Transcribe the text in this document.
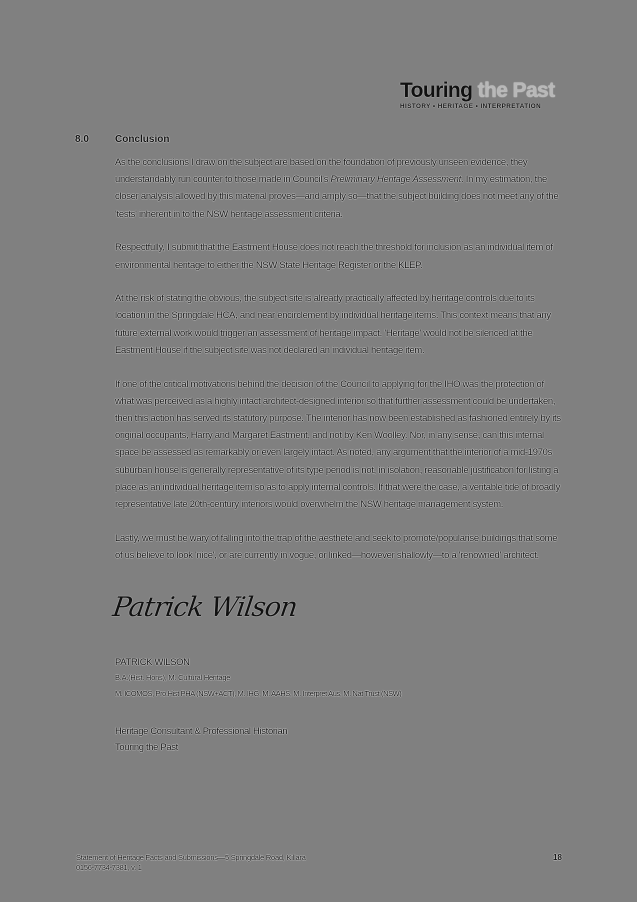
Touring the Past
HISTORY • HERITAGE • INTERPRETATION
8.0	Conclusion

As the conclusions I draw on the subject are based on the foundation of previously unseen evidence, they understandably run counter to those made in Council's Preliminary Heritage Assessment. In my estimation, the closer analysis allowed by this material proves—and amply so—that the subject building does not meet any of the 'tests' inherent in to the NSW heritage assessment criteria.

Respectfully, I submit that the Eastment House does not reach the threshold for inclusion as an individual item of environmental heritage to either the NSW State Heritage Register or the KLEP.

At the risk of stating the obvious, the subject site is already practically affected by heritage controls due to its location in the Springdale HCA, and near encirclement by individual heritage items. This context means that any future external work would trigger an assessment of heritage impact. 'Heritage' would not be silenced at the Eastment House if the subject site was not declared an individual heritage item.

If one of the critical motivations behind the decision of the Council to applying for the IHO was the protection of what was perceived as a highly intact architect-designed interior so that further assessment could be undertaken, then this action has served its statutory purpose. The interior has now been established as fashioned entirely by its original occupants, Harry and Margaret Eastment, and not by Ken Woolley. Nor, in any sense, can this internal space be assessed as remarkably or even largely intact. As noted, any argument that the interior of a mid-1970s suburban house is generally representative of its type period is not, in isolation, reasonable justification for listing a place as an individual heritage item so as to apply internal controls. If that were the case, a veritable tide of broadly representative late 20th-century interiors would overwhelm the NSW heritage management system.

Lastly, we must be wary of falling into the trap of the aesthete and seek to promote/popularise buildings that some of us believe to look 'nice', or are currently in vogue, or linked—however shallowly—to a 'renowned' architect.

Patrick Wilson
PATRICK WILSON
B.A.(Hist. Hons), M. Cultural Heritage
M. ICOMOS, Pro.Hist PHA (NSW+ACT), M. IHG, M. AAHS, M. Interpret Aus, M. Nat Trust (NSW)
Heritage Consultant & Professional Historian
Touring the Past
Statement of Heritage Facts and Submissions—5 Springdale Road, Killara
0156-7734-7381, v. 1
18
